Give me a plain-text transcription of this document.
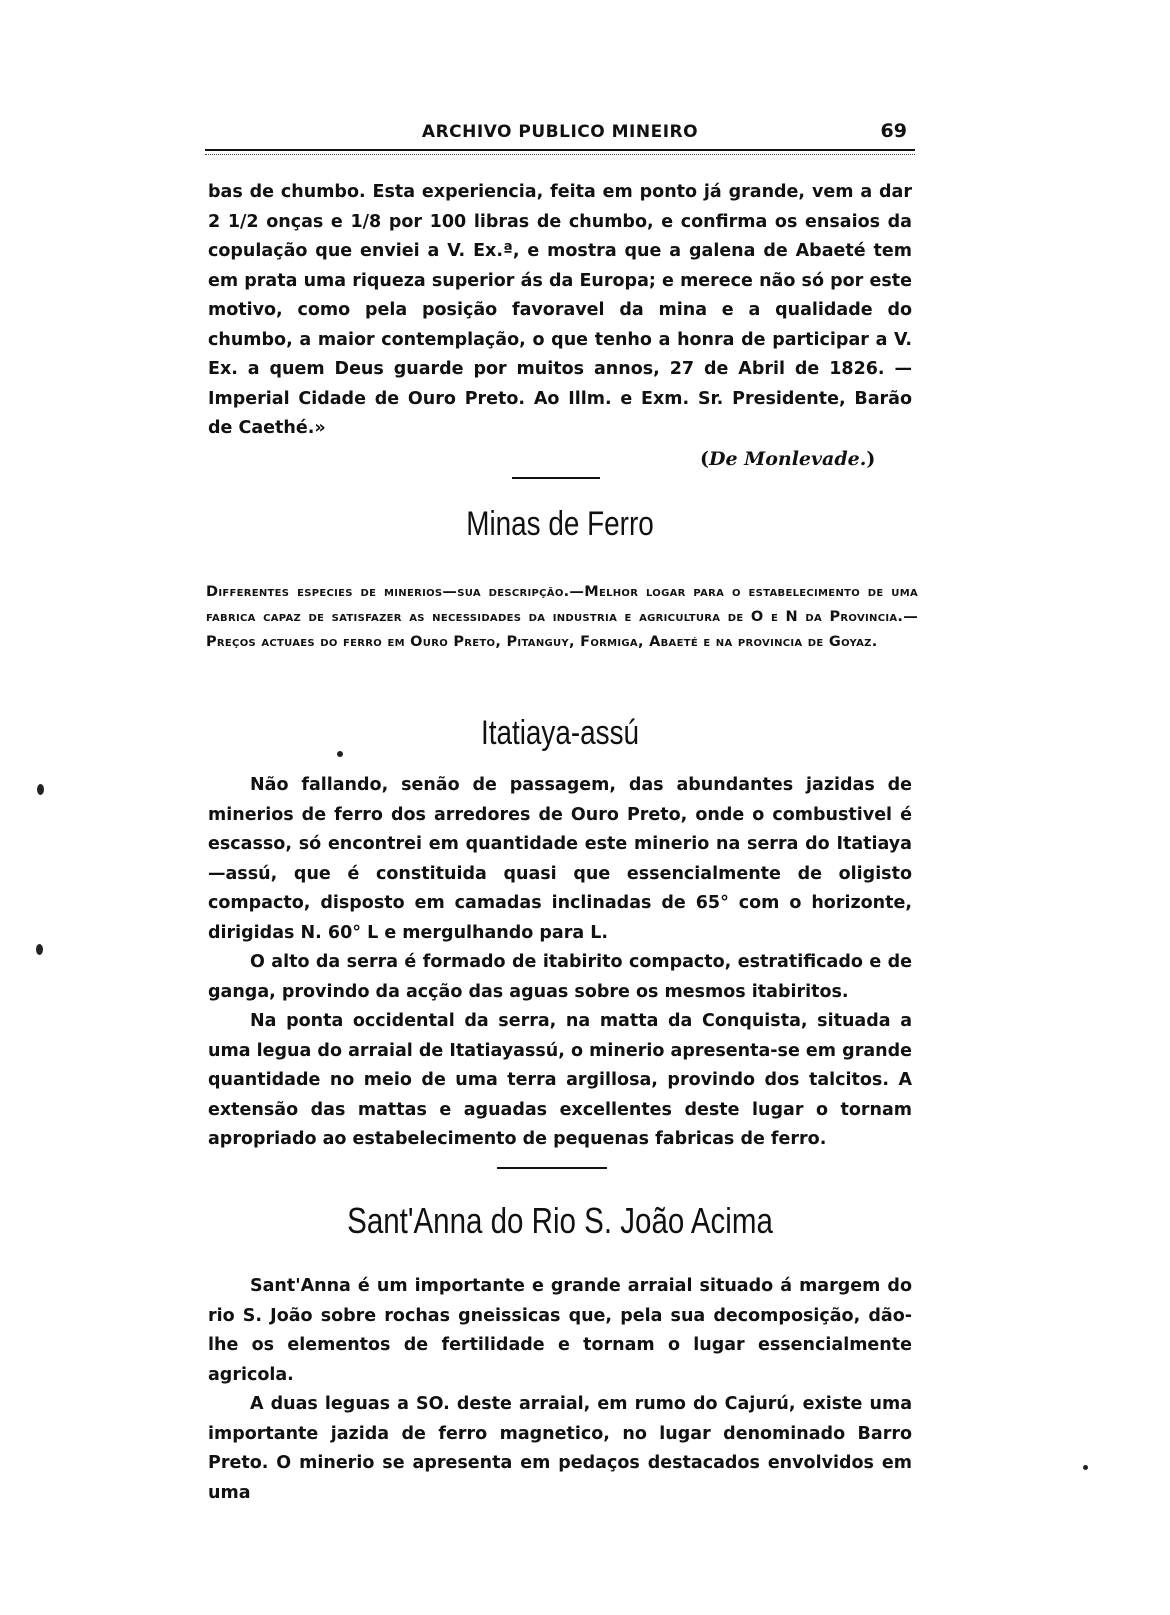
ARCHIVO PUBLICO MINEIRO	69

bas de chumbo. Esta experiencia, feita em ponto já grande, vem a dar 2 1/2 onças e 1/8 por 100 libras de chumbo, e confirma os ensaios da copulação que enviei a V. Ex.ª, e mostra que a galena de Abaeté tem em prata uma riqueza superior ás da Europa; e merece não só por este motivo, como pela posição favoravel da mina e a qualidade do chumbo, a maior contemplação, o que tenho a honra de participar a V. Ex. a quem Deus guarde por muitos annos, 27 de Abril de 1826. — Imperial Cidade de Ouro Preto. Ao Illm. e Exm. Sr. Presidente, Barão de Caethé.»

(De Monlevade.)
Minas de Ferro
Differentes especies de minerios—sua descripção.—Melhor logar para o estabelecimento de uma fabrica capaz de satisfazer as necessidades da industria e agricultura de O e N da Provincia.—Preços actuaes do ferro em Ouro Preto, Pitanguy, Formiga, Abaeté e na provincia de Goyaz.
Itatiaya-assú

Não fallando, senão de passagem, das abundantes jazidas de minerios de ferro dos arredores de Ouro Preto, onde o combustivel é escasso, só encontrei em quantidade este minerio na serra do Itatiaya—assú, que é constituida quasi que essencialmente de oligisto compacto, disposto em camadas inclinadas de 65° com o horizonte, dirigidas N. 60° L e mergulhando para L.

O alto da serra é formado de itabirito compacto, estratificado e de ganga, provindo da acção das aguas sobre os mesmos itabiritos.

Na ponta occidental da serra, na matta da Conquista, situada a uma legua do arraial de Itatiayassú, o minerio apresenta-se em grande quantidade no meio de uma terra argillosa, provindo dos talcitos. A extensão das mattas e aguadas excellentes deste lugar o tornam apropriado ao estabelecimento de pequenas fabricas de ferro.

Sant'Anna do Rio S. João Acima

Sant'Anna é um importante e grande arraial situado á margem do rio S. João sobre rochas gneissicas que, pela sua decomposição, dão-lhe os elementos de fertilidade e tornam o lugar essencialmente agricola.

A duas leguas a SO. deste arraial, em rumo do Cajurú, existe uma importante jazida de ferro magnetico, no lugar denominado Barro Preto. O minerio se apresenta em pedaços destacados envolvidos em uma
